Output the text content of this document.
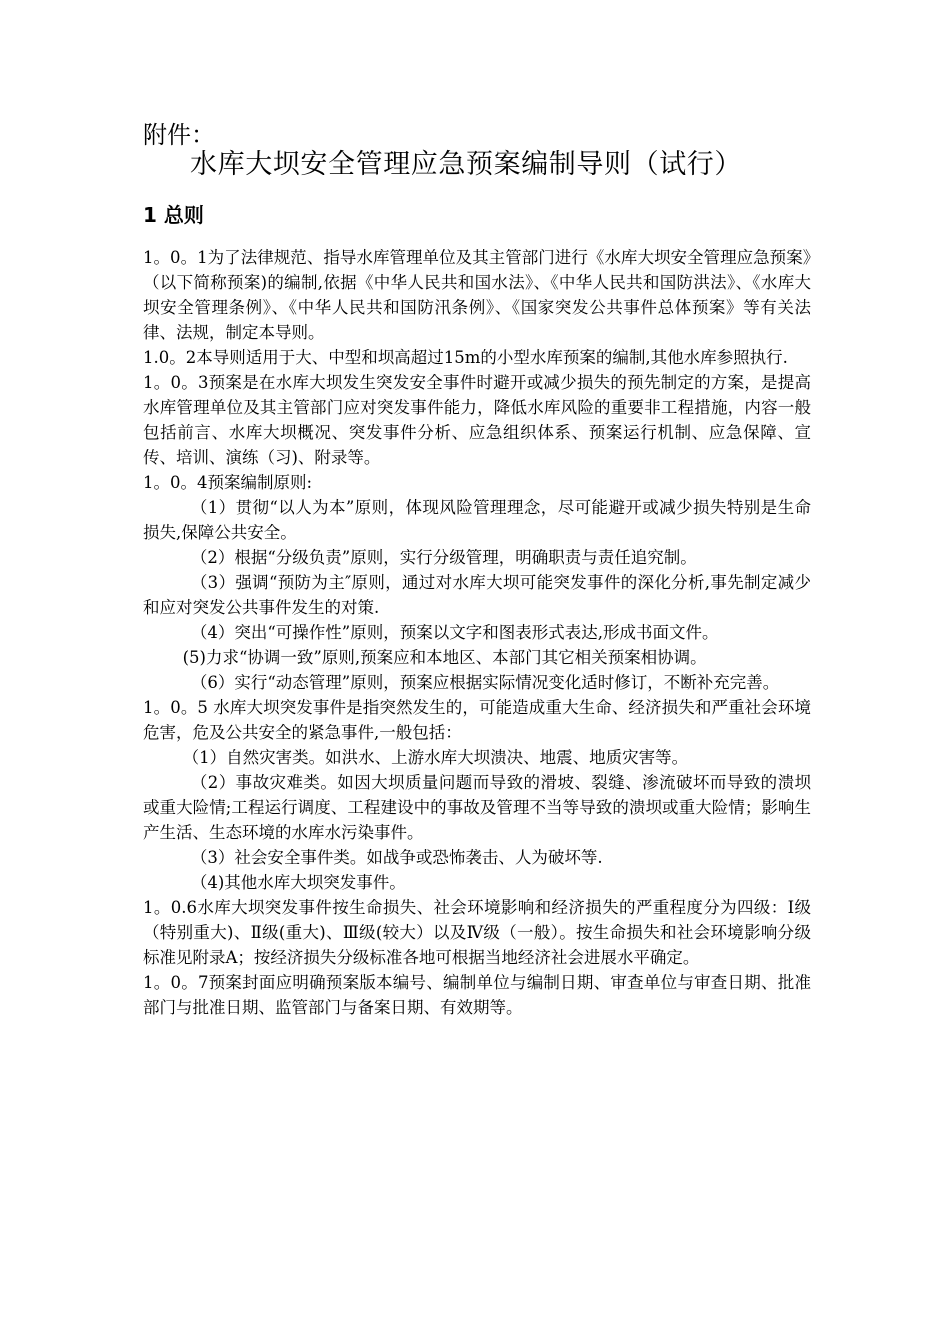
附件：
水库大坝安全管理应急预案编制导则（试行）
1 总则

1。0。1为了法律规范、指导水库管理单位及其主管部门进行《水库大坝安全管理应急预案》（以下简称预案)的编制,依据《中华人民共和国水法》、《中华人民共和国防洪法》、《水库大坝安全管理条例》、《中华人民共和国防汛条例》、《国家突发公共事件总体预案》等有关法律、法规，制定本导则。

1.0。2本导则适用于大、中型和坝高超过15m的小型水库预案的编制,其他水库参照执行.

1。0。3预案是在水库大坝发生突发安全事件时避开或减少损失的预先制定的方案，是提高水库管理单位及其主管部门应对突发事件能力，降低水库风险的重要非工程措施，内容一般包括前言、水库大坝概况、突发事件分析、应急组织体系、预案运行机制、应急保障、宣传、培训、演练（习)、附录等。

1。0。4预案编制原则:

（1）贯彻“以人为本”原则，体现风险管理理念，尽可能避开或减少损失特别是生命损失,保障公共安全。

（2）根据“分级负责”原则，实行分级管理，明确职责与责任追究制。

（3）强调“预防为主″原则，通过对水库大坝可能突发事件的深化分析,事先制定减少和应对突发公共事件发生的对策.

（4）突出“可操作性”原则，预案以文字和图表形式表达,形成书面文件。

(5)力求“协调一致”原则,预案应和本地区、本部门其它相关预案相协调。

（6）实行“动态管理”原则，预案应根据实际情况变化适时修订，不断补充完善。

1。0。5 水库大坝突发事件是指突然发生的，可能造成重大生命、经济损失和严重社会环境危害，危及公共安全的紧急事件,一般包括：

（1）自然灾害类。如洪水、上游水库大坝溃决、地震、地质灾害等。

（2）事故灾难类。如因大坝质量问题而导致的滑坡、裂缝、渗流破坏而导致的溃坝或重大险情;工程运行调度、工程建设中的事故及管理不当等导致的溃坝或重大险情；影响生产生活、生态环境的水库水污染事件。

（3）社会安全事件类。如战争或恐怖袭击、人为破坏等.

（4)其他水库大坝突发事件。

1。0.6水库大坝突发事件按生命损失、社会环境影响和经济损失的严重程度分为四级：Ⅰ级（特别重大)、Ⅱ级(重大)、Ⅲ级(较大）以及Ⅳ级（一般）。按生命损失和社会环境影响分级标准见附录A；按经济损失分级标准各地可根据当地经济社会进展水平确定。

1。0。7预案封面应明确预案版本编号、编制单位与编制日期、审查单位与审查日期、批准部门与批准日期、监管部门与备案日期、有效期等。
